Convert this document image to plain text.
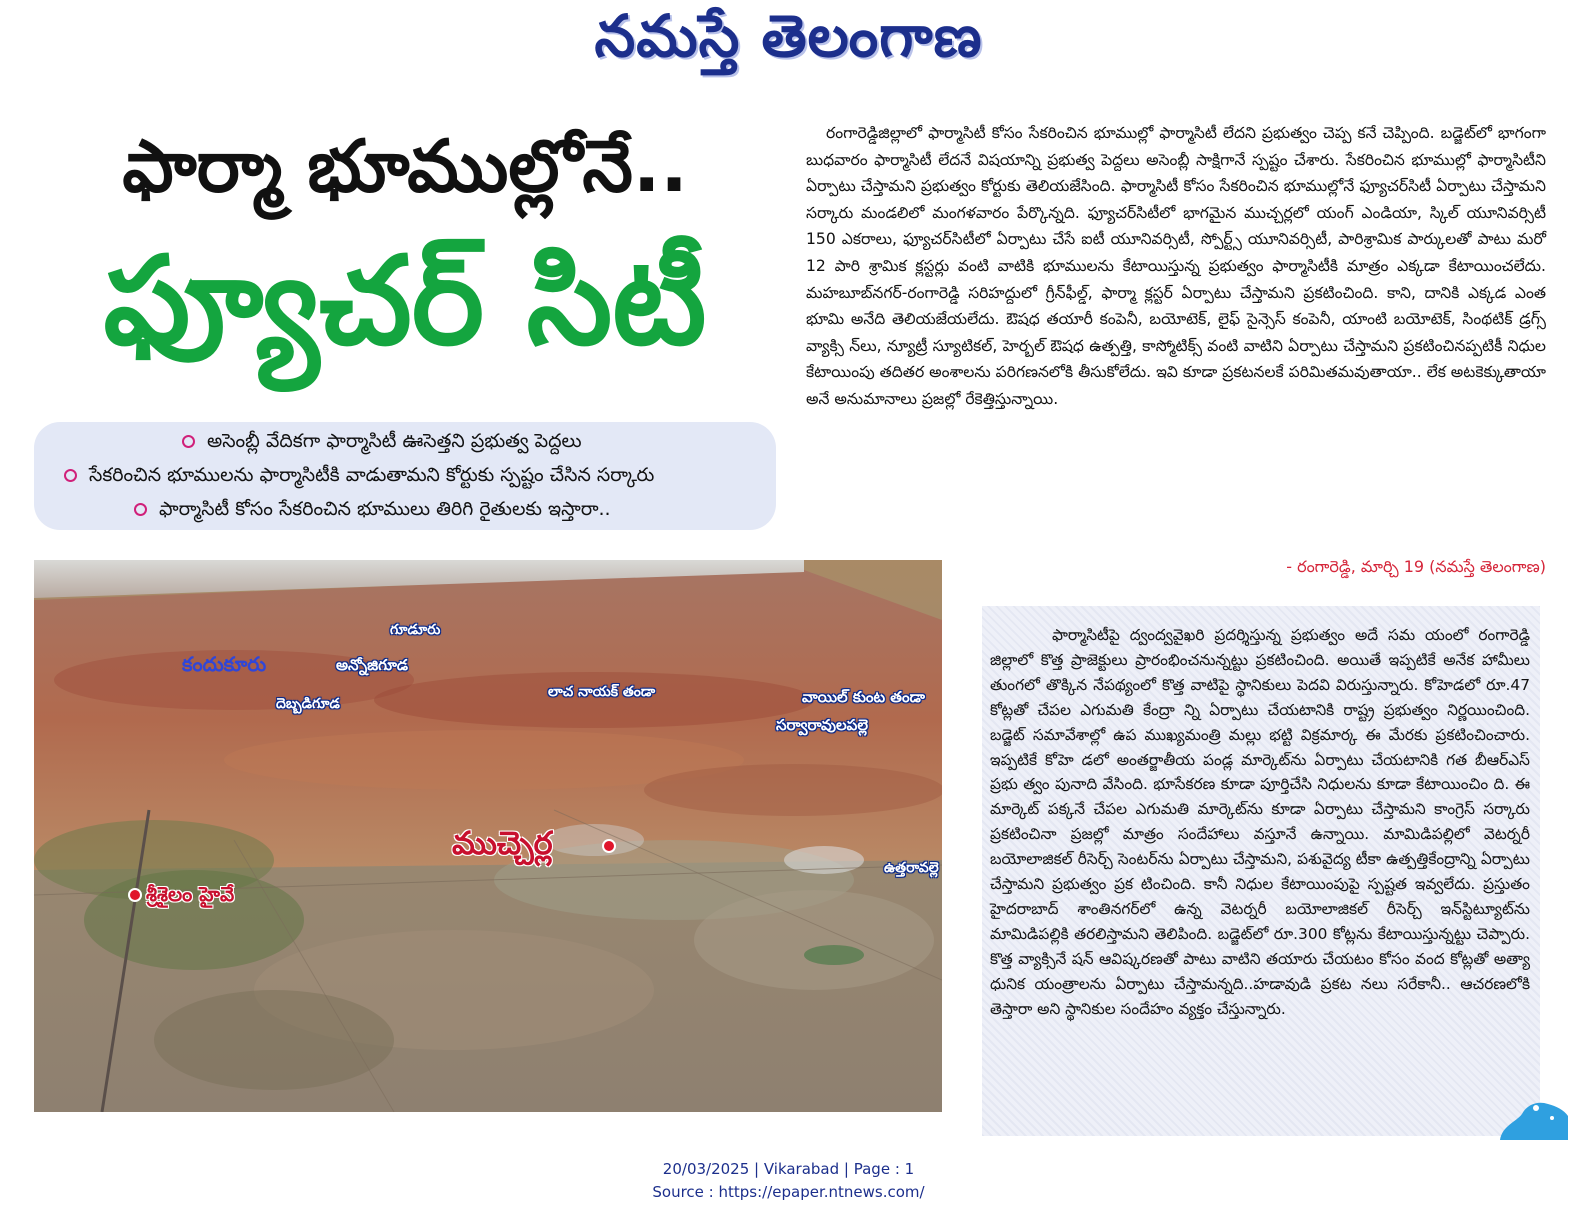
నమస్తే తెలంగాణ
ఫార్మా భూముల్లోనే..
ఫ్యూచర్ సిటీ
అసెంబ్లీ వేదికగా ఫార్మాసిటీ ఊసెత్తని ప్రభుత్వ పెద్దలు
సేకరించిన భూములను ఫార్మాసిటీకి వాడుతామని కోర్టుకు స్పష్టం చేసిన సర్కారు
ఫార్మాసిటీ కోసం సేకరించిన భూములు తిరిగి రైతులకు ఇస్తారా..

రంగారెడ్డిజిల్లాలో ఫార్మాసిటీ కోసం సేకరించిన భూముల్లో ఫార్మాసిటీ లేదని ప్రభుత్వం చెప్ప కనే చెప్పింది. బడ్జెట్‌లో భాగంగా బుధవారం ఫార్మాసిటీ లేదనే విషయాన్ని ప్రభుత్వ పెద్దలు అసెంబ్లీ సాక్షిగానే స్పష్టం చేశారు. సేకరించిన భూముల్లో ఫార్మాసిటీని ఏర్పాటు చేస్తామని ప్రభుత్వం కోర్టుకు తెలియజేసింది. ఫార్మాసిటీ కోసం సేకరించిన భూముల్లోనే ఫ్యూచర్‌సిటీ ఏర్పాటు చేస్తామని సర్కారు మండలిలో మంగళవారం పేర్కొన్నది. ఫ్యూచర్‌సిటీలో భాగమైన ముచ్చర్లలో యంగ్ ఎండియా, స్కిల్ యూనివర్సిటీ 150 ఎకరాలు, ఫ్యూచర్‌సిటీలో ఏర్పాటు చేసే ఐటీ యూనివర్సిటీ, స్పోర్ట్స్ యూనివర్సిటీ, పారిశ్రామిక పార్కులతో పాటు మరో 12 పారి శ్రామిక క్లస్టర్లు వంటి వాటికి భూములను కేటాయిస్తున్న ప్రభుత్వం ఫార్మాసిటీకి మాత్రం ఎక్కడా కేటాయించలేదు. మహబూబ్‌నగర్-రంగారెడ్డి సరిహద్దులో గ్రీన్‌ఫీల్డ్, ఫార్మా క్లస్టర్ ఏర్పాటు చేస్తామని ప్రకటించింది. కాని, దానికి ఎక్కడ ఎంత భూమి అనేది తెలియజేయలేదు. ఔషధ తయారీ కంపెనీ, బయోటెక్, లైఫ్ సైన్సెస్ కంపెనీ, యాంటి బయోటెక్, సింథటిక్ డ్రగ్స్ వ్యాక్సి న్‌లు, న్యూట్రీ స్యూటికల్, హెర్బల్ ఔషధ ఉత్పత్తి, కాస్మోటిక్స్ వంటి వాటిని ఏర్పాటు చేస్తామని ప్రకటించినప్పటికీ నిధుల కేటాయింపు తదితర అంశాలను పరిగణనలోకి తీసుకోలేదు. ఇవి కూడా ప్రకటనలకే పరిమితమవుతాయా.. లేక అటకెక్కుతాయా అనే అనుమానాలు ప్రజల్లో రేకెత్తిస్తున్నాయి.

- రంగారెడ్డి, మార్చి 19 (నమస్తే తెలంగాణ)
గూడూరు
కందుకూరు	అన్నోజిగూడ
దెబ్బడిగూడ
లాచ నాయక్ తండా	వాయిల్ కుంట తండా
సర్వారావులపల్లె
ముచ్చెర్ల
ఉత్తరావల్లె
శ్రీశైలం హైవే

ఫార్మాసిటీపై ద్వంద్వవైఖరి ప్రదర్శిస్తున్న ప్రభుత్వం అదే సమ యంలో రంగారెడ్డి జిల్లాలో కొత్త ప్రాజెక్టులు ప్రారంభించనున్నట్టు ప్రకటించింది. అయితే ఇప్పటికే అనేక హామీలు తుంగలో తొక్కిన నేపథ్యంలో కొత్త వాటిపై స్థానికులు పెదవి విరుస్తున్నారు. కోహెడలో రూ.47 కోట్లతో చేపల ఎగుమతి కేంద్రా న్ని ఏర్పాటు చేయటానికి రాష్ట్ర ప్రభుత్వం నిర్ణయించింది. బడ్జెట్ సమావేశాల్లో ఉప ముఖ్యమంత్రి మల్లు భట్టి విక్రమార్క ఈ మేరకు ప్రకటించించారు. ఇప్పటికే కోహె డలో అంతర్జాతీయ పండ్ల మార్కెట్‌ను ఏర్పాటు చేయటానికి గత బీఆర్‌ఎస్ ప్రభు త్వం పునాది వేసింది. భూసేకరణ కూడా పూర్తిచేసి నిధులను కూడా కేటాయించిం ది. ఈ మార్కెట్ పక్కనే చేపల ఎగుమతి మార్కెట్‌ను కూడా ఏర్పాటు చేస్తామని కాంగ్రెస్ సర్కారు ప్రకటించినా ప్రజల్లో మాత్రం సందేహాలు వస్తూనే ఉన్నాయి. మామిడిపల్లిలో వెటర్నరీ బయోలాజికల్ రీసెర్చ్ సెంటర్‌ను ఏర్పాటు చేస్తామని, పశువైద్య టీకా ఉత్పత్తికేంద్రాన్ని ఏర్పాటు చేస్తామని ప్రభుత్వం ప్రక టించింది. కానీ నిధుల కేటాయింపుపై స్పష్టత ఇవ్వలేదు. ప్రస్తుతం హైదరాబాద్ శాంతినగర్‌లో ఉన్న వెటర్నరీ బయోలాజికల్ రీసెర్చ్ ఇన్‌స్టిట్యూట్‌ను మామిడిపల్లికి తరలిస్తామని తెలిపింది. బడ్జెట్‌లో రూ.300 కోట్లను కేటాయిస్తున్నట్టు చెప్పారు. కొత్త వ్యాక్సినే షన్ ఆవిష్కరణతో పాటు వాటిని తయారు చేయటం కోసం వంద కోట్లతో అత్యా ధునిక యంత్రాలను ఏర్పాటు చేస్తామన్నది..హడావుడి ప్రకట నలు సరేకానీ.. ఆచరణలోకి తెస్తారా అని స్థానికుల సందేహం వ్యక్తం చేస్తున్నారు.

20/03/2025 | Vikarabad | Page : 1
Source : https://epaper.ntnews.com/
